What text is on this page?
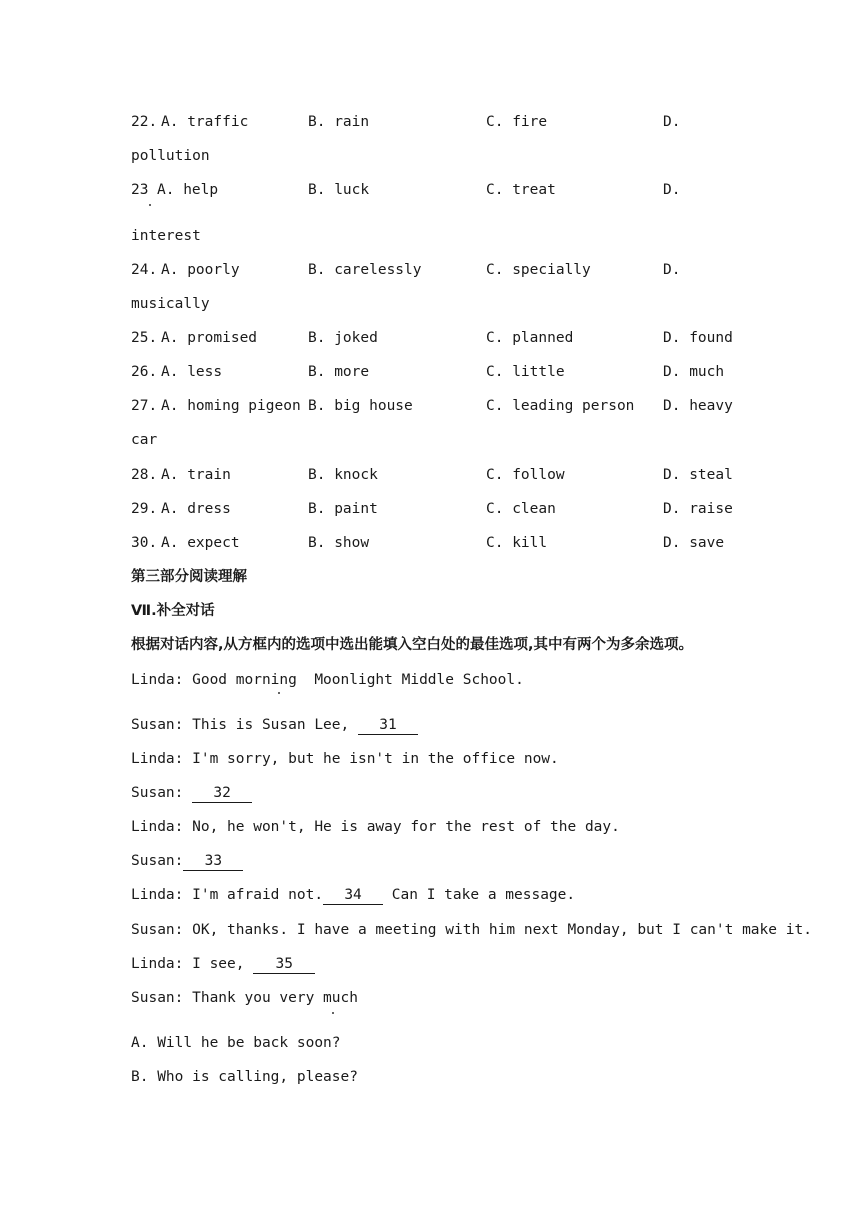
22. A. traffic	B. rain	C. fire	D.
pollution
23 A. help	B. luck	C. treat	D.
interest
24. A. poorly	B. carelessly	C. specially	D.
musically
25. A. promised	B. joked	C. planned	D. found
26. A. less	B. more	C. little	D. much
27. A. homing pigeon B. big house	C. leading person D. heavy
car
28. A. train	B. knock	C. follow	D. steal
29. A. dress	B. paint	C. clean	D. raise
30. A. expect	B. show	C. kill	D. save
第三部分阅读理解
Ⅶ.补全对话
根据对话内容,从方框内的选项中选出能填入空白处的最佳选项,其中有两个为多余选项。
Linda: Good morning  Moonlight Middle School.
Susan: This is Susan Lee, 31
Linda: I'm sorry, but he isn't in the office now.
Susan: 32
Linda: No, he won't, He is away for the rest of the day.
Susan: 33
Linda: I'm afraid not. 34 Can I take a message.
Susan: OK, thanks. I have a meeting with him next Monday, but I can't make it.
Linda: I see, 35
Susan: Thank you very much
A. Will he be back soon?
B. Who is calling, please?
